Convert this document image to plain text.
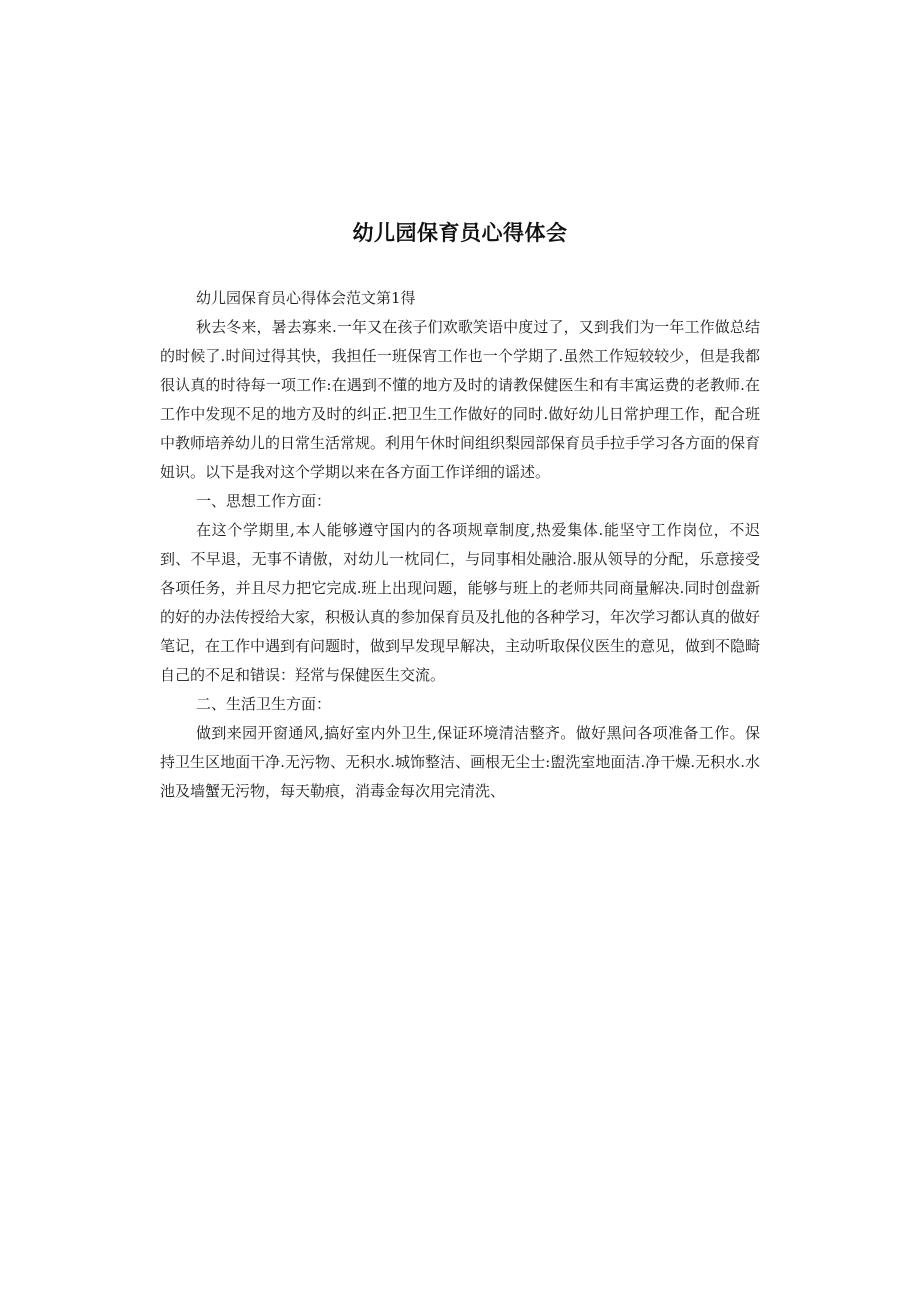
幼儿园保育员心得体会

幼儿园保育员心得体会范文第1得

秋去冬来，暑去寡来.一年又在孩子们欢歌笑语中度过了，又到我们为一年工作做总结的时候了.时间过得其快，我担任一班保宵工作也一个学期了.虽然工作短较较少，但是我都很认真的时待每一项工作:在遇到不懂的地方及时的请教保健医生和有丰寓运费的老教师.在工作中发现不足的地方及时的纠正.把卫生工作做好的同时.做好幼儿日常护理工作，配合班中教师培养幼儿的日常生活常规。利用午休时间组织梨园部保育员手拉手学习各方面的保育妞识。以下是我对这个学期以来在各方面工作详细的谣述。

一、思想工作方面：

在这个学期里,本人能够遵守国内的各项规章制度,热爱集体.能坚守工作岗位，不迟到、不早退，无事不请傲，对幼儿一枕同仁，与同事相处融洽.服从领导的分配，乐意接受各项任务，并且尽力把它完成.班上出现问题，能够与班上的老师共同商量解决.同时创盘新的好的办法传授给大家，积极认真的参加保育员及扎他的各种学习，年次学习都认真的做好笔记，在工作中遇到有问题时，做到早发现早解决，主动听取保仪医生的意见，做到不隐畸自己的不足和错误：羟常与保健医生交流。

二、生活卫生方面：

做到来园开窗通风,搞好室内外卫生,保证环境清洁整齐。做好黑问各项准备工作。保持卫生区地面干净.无污物、无积水.城饰整洁、画根无尘士:盥洗室地面洁.净干燥.无积水.水池及墙蟹无污物，每天勒痕，消毒金每次用完清洗、
